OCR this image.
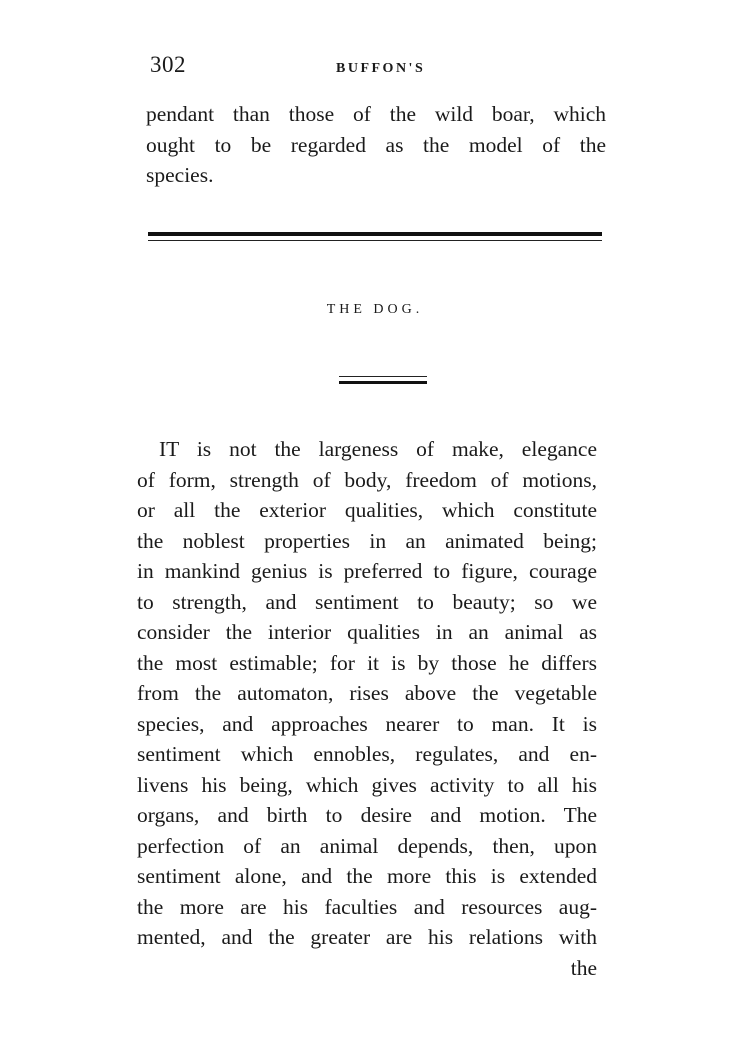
302	BUFFON'S
pendant than those of the wild boar, which
ought to be regarded as the model of the
species.
THE DOG.
IT is not the largeness of make, elegance
of form, strength of body, freedom of motions,
or all the exterior qualities, which constitute
the noblest properties in an animated being;
in mankind genius is preferred to figure, courage
to strength, and sentiment to beauty; so we
consider the interior qualities in an animal as
the most estimable; for it is by those he differs
from the automaton, rises above the vegetable
species, and approaches nearer to man. It is
sentiment which ennobles, regulates, and en-
livens his being, which gives activity to all his
organs, and birth to desire and motion. The
perfection of an animal depends, then, upon
sentiment alone, and the more this is extended
the more are his faculties and resources aug-
mented, and the greater are his relations with
the
